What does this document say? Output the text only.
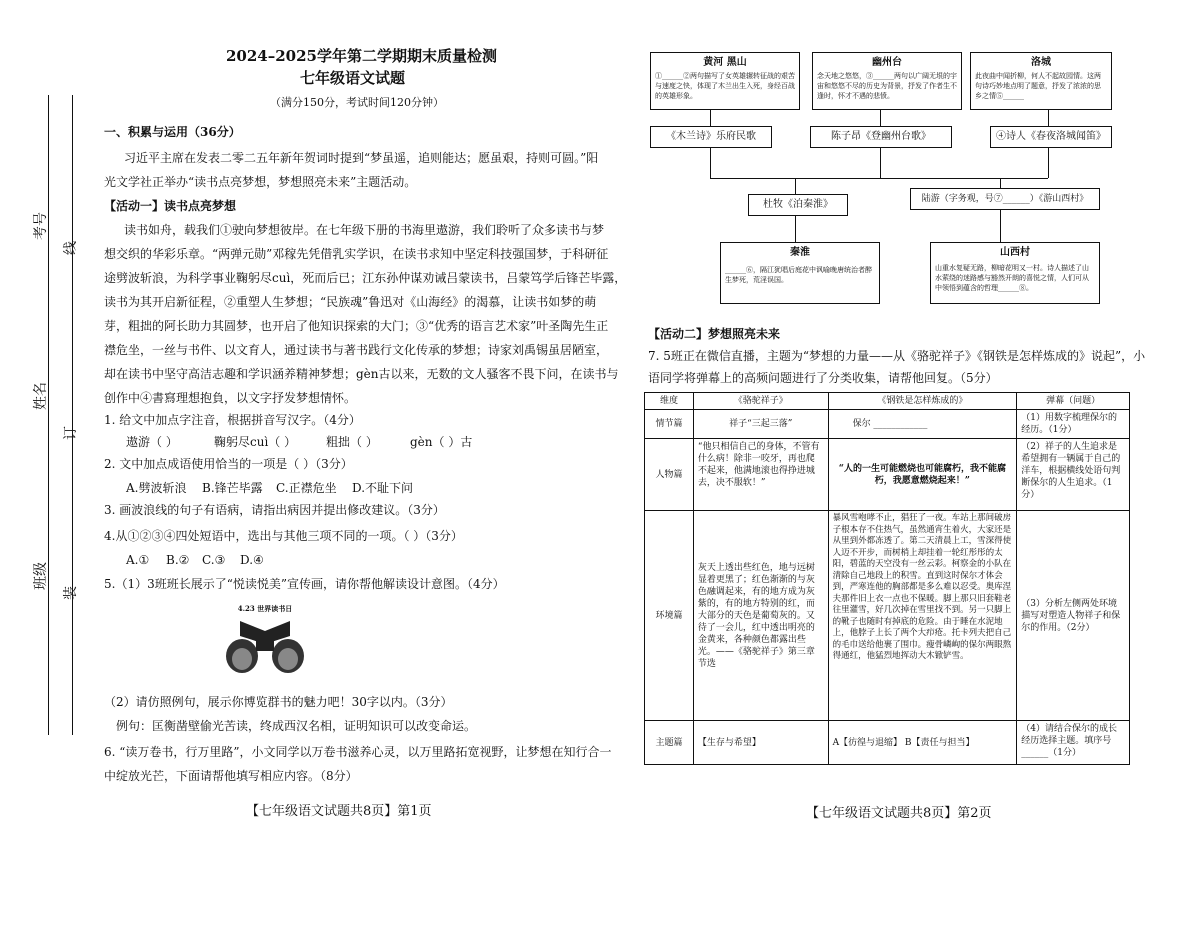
考号
线
姓名
订
班级
装
2024–2025学年第二学期期末质量检测
七年级语文试题
（满分150分，考试时间120分钟）
一、积累与运用（36分）
习近平主席在发表二零二五年新年贺词时提到“梦虽遥，追则能达；愿虽艰，持则可圆。”阳
光文学社正举办“读书点亮梦想，梦想照亮未来”主题活动。
【活动一】读书点亮梦想
读书如舟，载我们①驶向梦想彼岸。在七年级下册的书海里遨游，我们聆听了众多读书与梦
想交织的华彩乐章。“两弹元勋”邓稼先凭借乳实学识，在读书求知中坚定科技强国梦，于科研征
途劈波斩浪，为科学事业鞠躬尽cuì，死而后已；江东孙仲谋劝诫吕蒙读书，吕蒙笃学后锋芒毕露，
读书为其开启新征程，②重塑人生梦想；“民族魂”鲁迅对《山海经》的渴慕，让读书如梦的萌
芽，粗拙的阿长助力其圆梦，也开启了他知识探索的大门；③“优秀的语言艺术家”叶圣陶先生正
襟危坐，一丝与书件、以文育人，通过读书与著书践行文化传承的梦想；诗家刘禹锡虽居陋室，
却在读书中坚守高洁志趣和学识涵养精神梦想；gèn古以来，无数的文人骚客不畏下问，在读书与
创作中④書寫理想抱負，以文字抒发梦想情怀。
1. 给文中加点字注音，根据拼音写汉字。（4分）
遨游（ ）	鞠躬尽cuì（ ） 粗拙（ ）	gèn（ ）古
2. 文中加点成语使用恰当的一项是（ ）（3分）
A.劈波斩浪 B.锋芒毕露 C.正襟危坐 D.不耻下问
3. 画波浪线的句子有语病，请指出病因并提出修改建议。（3分）
4.从①②③④四处短语中，选出与其他三项不同的一项。（ ）（3分）
A.① B.② C.③ D.④
5.（1）3班班长展示了“悦读悦美”宣传画，请你帮他解读设计意图。（4分）
4.23 世界读书日
（2）请仿照例句，展示你博览群书的魅力吧！30字以内。（3分）
例句：匡衡凿壁偷光苦读，终成西汉名相，证明知识可以改变命运。
6. “读万卷书，行万里路”，小文同学以万卷书滋养心灵，以万里路拓宽视野，让梦想在知行合一
中绽放光芒，下面请帮他填写相应内容。（8分）
【七年级语文试题共8页】第1页
黄河 黑山
①______②两句描写了女英雄辗转征战的艰苦与速度之快，体现了木兰出生入死，身经百战的英雄形象。
幽州台
念天地之悠悠，③______两句以广阔无垠的宇宙和悠悠不尽的历史为背景，抒发了作者生不逢时，怀才不遇的悲愤。
洛城
此夜曲中闻折柳，何人不起故园情。这两句诗巧妙地点明了题意，抒发了浓浓的思乡之情⑤______
《木兰诗》乐府民歌	陈子昂《登幽州台歌》	④诗人《春夜洛城闻笛》
杜牧《泊秦淮》	陆游（字务观，号⑦______）《游山西村》
秦淮
______⑥，隔江犹唱后庭花中讽喻晚唐统治者醉生梦死，荒淫误国。
山西村
山重水复疑无路，柳暗花明又一村。诗人描述了山水萦绕的迷路感与豁然开朗的喜悦之情，人们可从中领悟到蕴含的哲理______⑧。
【活动二】梦想照亮未来
7. 5班正在微信直播，主题为“梦想的力量——从《骆驼祥子》《钢铁是怎样炼成的》说起”，小
语同学将弹幕上的高频问题进行了分类收集，请帮他回复。（5分）
维度	《骆驼祥子》	《钢铁是怎样炼成的》	弹幕（问题）
情节篇	祥子“三起三落”	保尔 ____________	（1）用数字梳理保尔的经历。（1分）
人物篇	“他只相信自己的身体，不管有什么病！除非一咬牙，再也爬不起来，他满地滚也得挣进城去，决不服软！”	“人的一生可能燃烧也可能腐朽，我不能腐朽，我愿意燃烧起来！”	（2）祥子的人生追求是希望拥有一辆属于自己的洋车，根据横线处语句判断保尔的人生追求。（1分）
环境篇	灰天上透出些红色，地与远树显着更黑了；红色渐渐的与灰色融调起来，有的地方成为灰紫的，有的地方特别的红，而大部分的天色是葡萄灰的。又待了一会儿，红中透出明亮的金黄来，各种颜色都露出些光。——《骆驼祥子》第三章节选	暴风雪咆哮不止，猖狂了一夜。车站上那间破房子根本存不住热气，虽然通宵生着火，大家还是从里到外都冻透了。第二天清晨上工，雪深得使人迈不开步，而树梢上却挂着一轮红彤彤的太阳，碧蓝的天空没有一丝云彩。柯察金的小队在清除自己地段上的积雪。直到这时保尔才体会到，严寒连他的胸部都是多么难以忍受。奥库涅夫那件旧上衣一点也不保暖。脚上那只旧套鞋老往里灌雪，好几次掉在雪里找不到。另一只脚上的靴子也随时有掉底的危险。由于睡在水泥地上，他脖子上长了两个大疖疮。托卡列夫把自己的毛巾送给他裹了围巾。瘦骨嶙峋的保尔两眼熬得通红，他猛烈地挥动大木锨铲雪。	（3）分析左侧两处环境描写对塑造人物祥子和保尔的作用。（2分）
主题篇	【生存与希望】	A【彷徨与退缩】 B【责任与担当】	（4）请结合保尔的成长经历选择主题。填序号______（1分）
【七年级语文试题共8页】第2页
